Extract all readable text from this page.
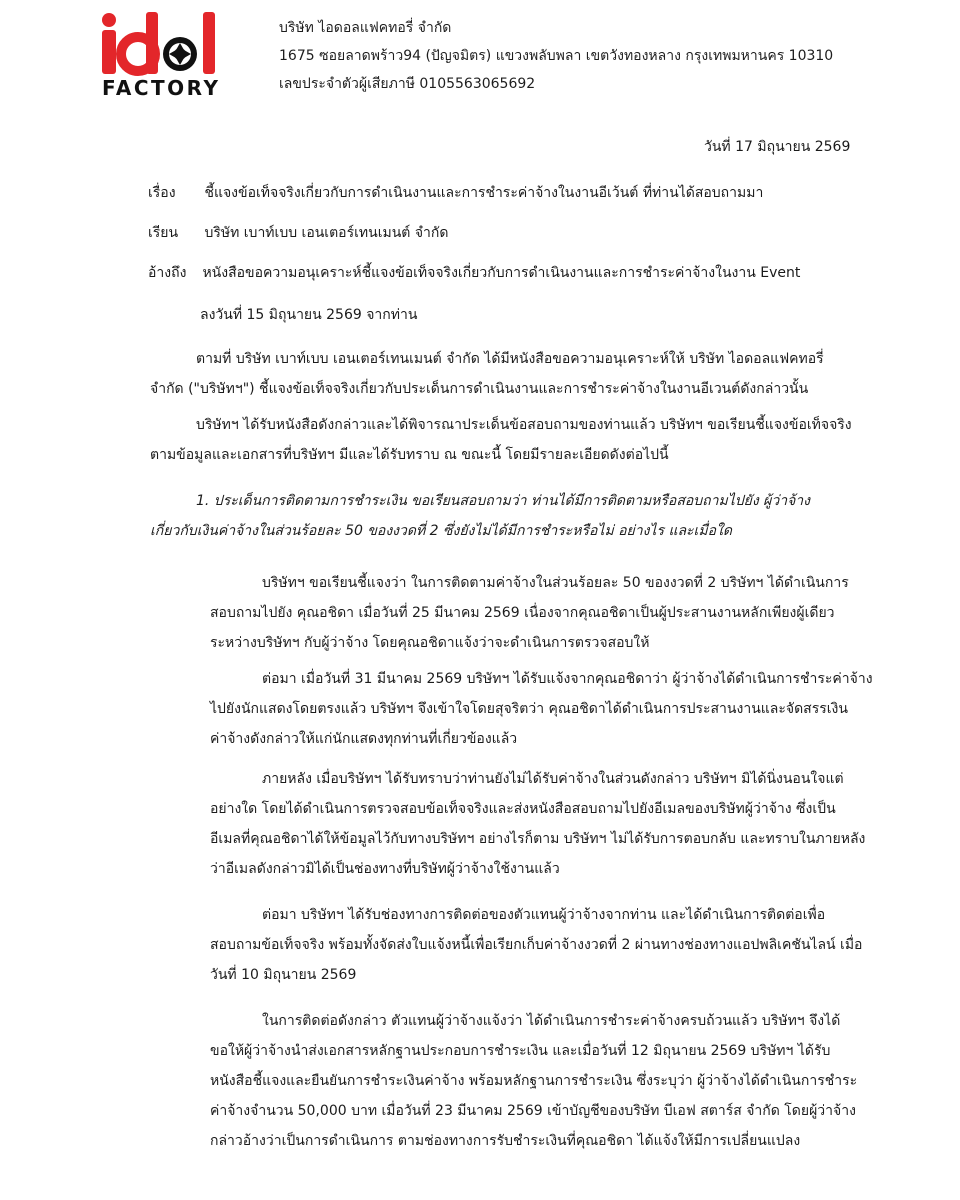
FACTORY
บริษัท ไอดอลแฟคทอรี่ จำกัด
1675 ซอยลาดพร้าว94 (ปัญจมิตร) แขวงพลับพลา เขตวังทองหลาง กรุงเทพมหานคร 10310
เลขประจำตัวผู้เสียภาษี 0105563065692
วันที่ 17 มิถุนายน 2569
เรื่อง ชี้แจงข้อเท็จจริงเกี่ยวกับการดำเนินงานและการชำระค่าจ้างในงานอีเว้นต์ ที่ท่านได้สอบถามมา
เรียน บริษัท เบาท์เบบ เอนเตอร์เทนเมนต์ จำกัด
อ้างถึง หนังสือขอความอนุเคราะห์ชี้แจงข้อเท็จจริงเกี่ยวกับการดำเนินงานและการชำระค่าจ้างในงาน Event
ลงวันที่ 15 มิถุนายน 2569 จากท่าน
ตามที่ บริษัท เบาท์เบบ เอนเตอร์เทนเมนต์ จำกัด ได้มีหนังสือขอความอนุเคราะห์ให้ บริษัท ไอดอลแฟคทอรี่
จำกัด ("บริษัทฯ") ชี้แจงข้อเท็จจริงเกี่ยวกับประเด็นการดำเนินงานและการชำระค่าจ้างในงานอีเวนต์ดังกล่าวนั้น
บริษัทฯ ได้รับหนังสือดังกล่าวและได้พิจารณาประเด็นข้อสอบถามของท่านแล้ว บริษัทฯ ขอเรียนชี้แจงข้อเท็จจริง
ตามข้อมูลและเอกสารที่บริษัทฯ มีและได้รับทราบ ณ ขณะนี้ โดยมีรายละเอียดดังต่อไปนี้
1. ประเด็นการติดตามการชำระเงิน ขอเรียนสอบถามว่า ท่านได้มีการติดตามหรือสอบถามไปยัง ผู้ว่าจ้าง
เกี่ยวกับเงินค่าจ้างในส่วนร้อยละ 50 ของงวดที่ 2 ซึ่งยังไม่ได้มีการชำระหรือไม่ อย่างไร และเมื่อใด
บริษัทฯ ขอเรียนชี้แจงว่า ในการติดตามค่าจ้างในส่วนร้อยละ 50 ของงวดที่ 2 บริษัทฯ ได้ดำเนินการ
สอบถามไปยัง คุณอชิดา เมื่อวันที่ 25 มีนาคม 2569 เนื่องจากคุณอชิดาเป็นผู้ประสานงานหลักเพียงผู้เดียว
ระหว่างบริษัทฯ กับผู้ว่าจ้าง โดยคุณอชิดาแจ้งว่าจะดำเนินการตรวจสอบให้
ต่อมา เมื่อวันที่ 31 มีนาคม 2569 บริษัทฯ ได้รับแจ้งจากคุณอชิดาว่า ผู้ว่าจ้างได้ดำเนินการชำระค่าจ้าง
ไปยังนักแสดงโดยตรงแล้ว บริษัทฯ จึงเข้าใจโดยสุจริตว่า คุณอชิดาได้ดำเนินการประสานงานและจัดสรรเงิน
ค่าจ้างดังกล่าวให้แก่นักแสดงทุกท่านที่เกี่ยวข้องแล้ว
ภายหลัง เมื่อบริษัทฯ ได้รับทราบว่าท่านยังไม่ได้รับค่าจ้างในส่วนดังกล่าว บริษัทฯ มิได้นิ่งนอนใจแต่
อย่างใด โดยได้ดำเนินการตรวจสอบข้อเท็จจริงและส่งหนังสือสอบถามไปยังอีเมลของบริษัทผู้ว่าจ้าง ซึ่งเป็น
อีเมลที่คุณอชิดาได้ให้ข้อมูลไว้กับทางบริษัทฯ อย่างไรก็ตาม บริษัทฯ ไม่ได้รับการตอบกลับ และทราบในภายหลัง
ว่าอีเมลดังกล่าวมิได้เป็นช่องทางที่บริษัทผู้ว่าจ้างใช้งานแล้ว
ต่อมา บริษัทฯ ได้รับช่องทางการติดต่อของตัวแทนผู้ว่าจ้างจากท่าน และได้ดำเนินการติดต่อเพื่อ
สอบถามข้อเท็จจริง พร้อมทั้งจัดส่งใบแจ้งหนี้เพื่อเรียกเก็บค่าจ้างงวดที่ 2 ผ่านทางช่องทางแอปพลิเคชันไลน์ เมื่อ
วันที่ 10 มิถุนายน 2569
ในการติดต่อดังกล่าว ตัวแทนผู้ว่าจ้างแจ้งว่า ได้ดำเนินการชำระค่าจ้างครบถ้วนแล้ว บริษัทฯ จึงได้
ขอให้ผู้ว่าจ้างนำส่งเอกสารหลักฐานประกอบการชำระเงิน และเมื่อวันที่ 12 มิถุนายน 2569 บริษัทฯ ได้รับ
หนังสือชี้แจงและยืนยันการชำระเงินค่าจ้าง พร้อมหลักฐานการชำระเงิน ซึ่งระบุว่า ผู้ว่าจ้างได้ดำเนินการชำระ
ค่าจ้างจำนวน 50,000 บาท เมื่อวันที่ 23 มีนาคม 2569 เข้าบัญชีของบริษัท บีเอฟ สตาร์ส จำกัด โดยผู้ว่าจ้าง
กล่าวอ้างว่าเป็นการดำเนินการ ตามช่องทางการรับชำระเงินที่คุณอชิดา ได้แจ้งให้มีการเปลี่ยนแปลง
